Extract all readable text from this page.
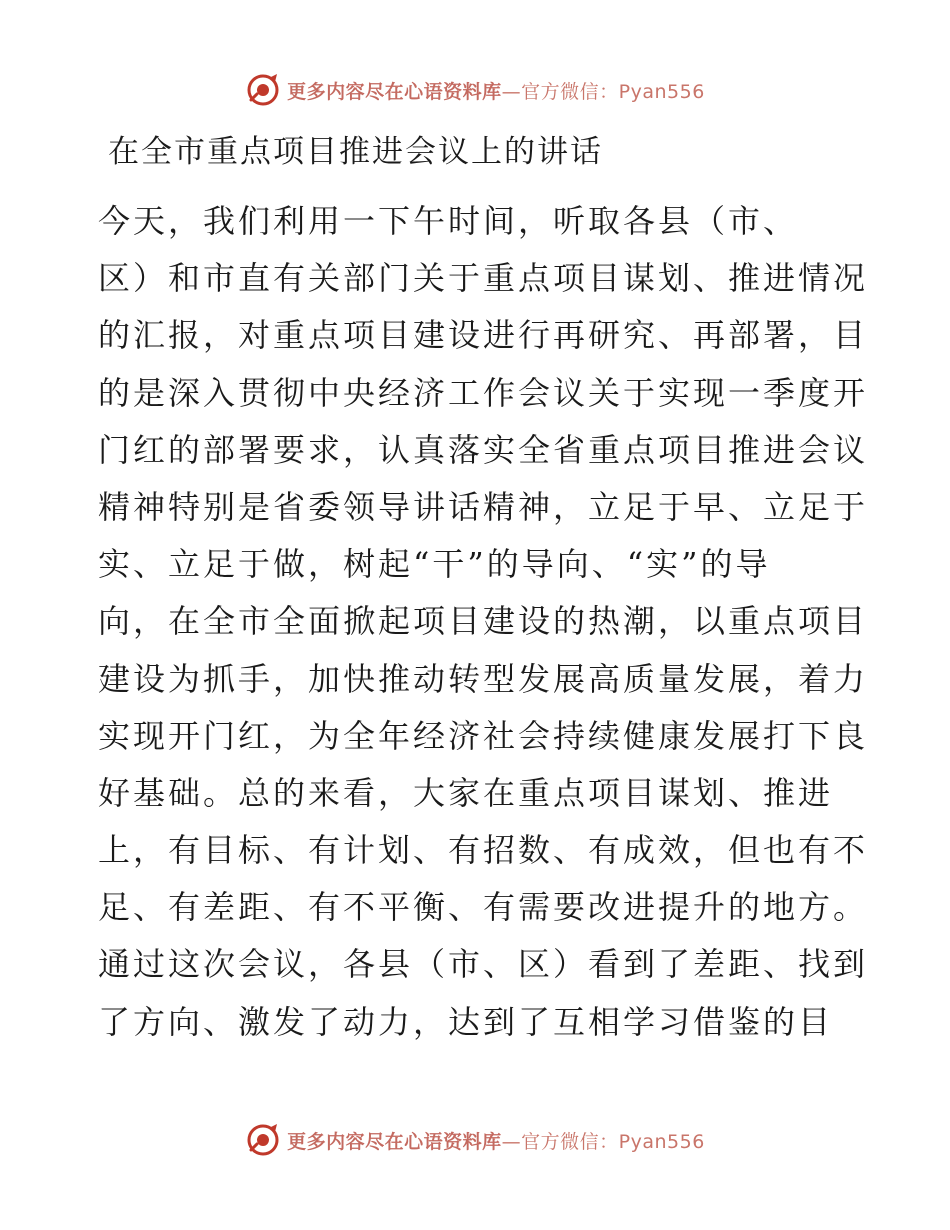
更多内容尽在心语资料库—官方微信：Pyan556
在全市重点项目推进会议上的讲话
今天，我们利用一下午时间，听取各县（市、
区）和市直有关部门关于重点项目谋划、推进情况
的汇报，对重点项目建设进行再研究、再部署，目
的是深入贯彻中央经济工作会议关于实现一季度开
门红的部署要求，认真落实全省重点项目推进会议
精神特别是省委领导讲话精神，立足于早、立足于
实、立足于做，树起“干”的导向、“实”的导
向，在全市全面掀起项目建设的热潮，以重点项目
建设为抓手，加快推动转型发展高质量发展，着力
实现开门红，为全年经济社会持续健康发展打下良
好基础。总的来看，大家在重点项目谋划、推进
上，有目标、有计划、有招数、有成效，但也有不
足、有差距、有不平衡、有需要改进提升的地方。
通过这次会议，各县（市、区）看到了差距、找到
了方向、激发了动力，达到了互相学习借鉴的目
更多内容尽在心语资料库—官方微信：Pyan556
